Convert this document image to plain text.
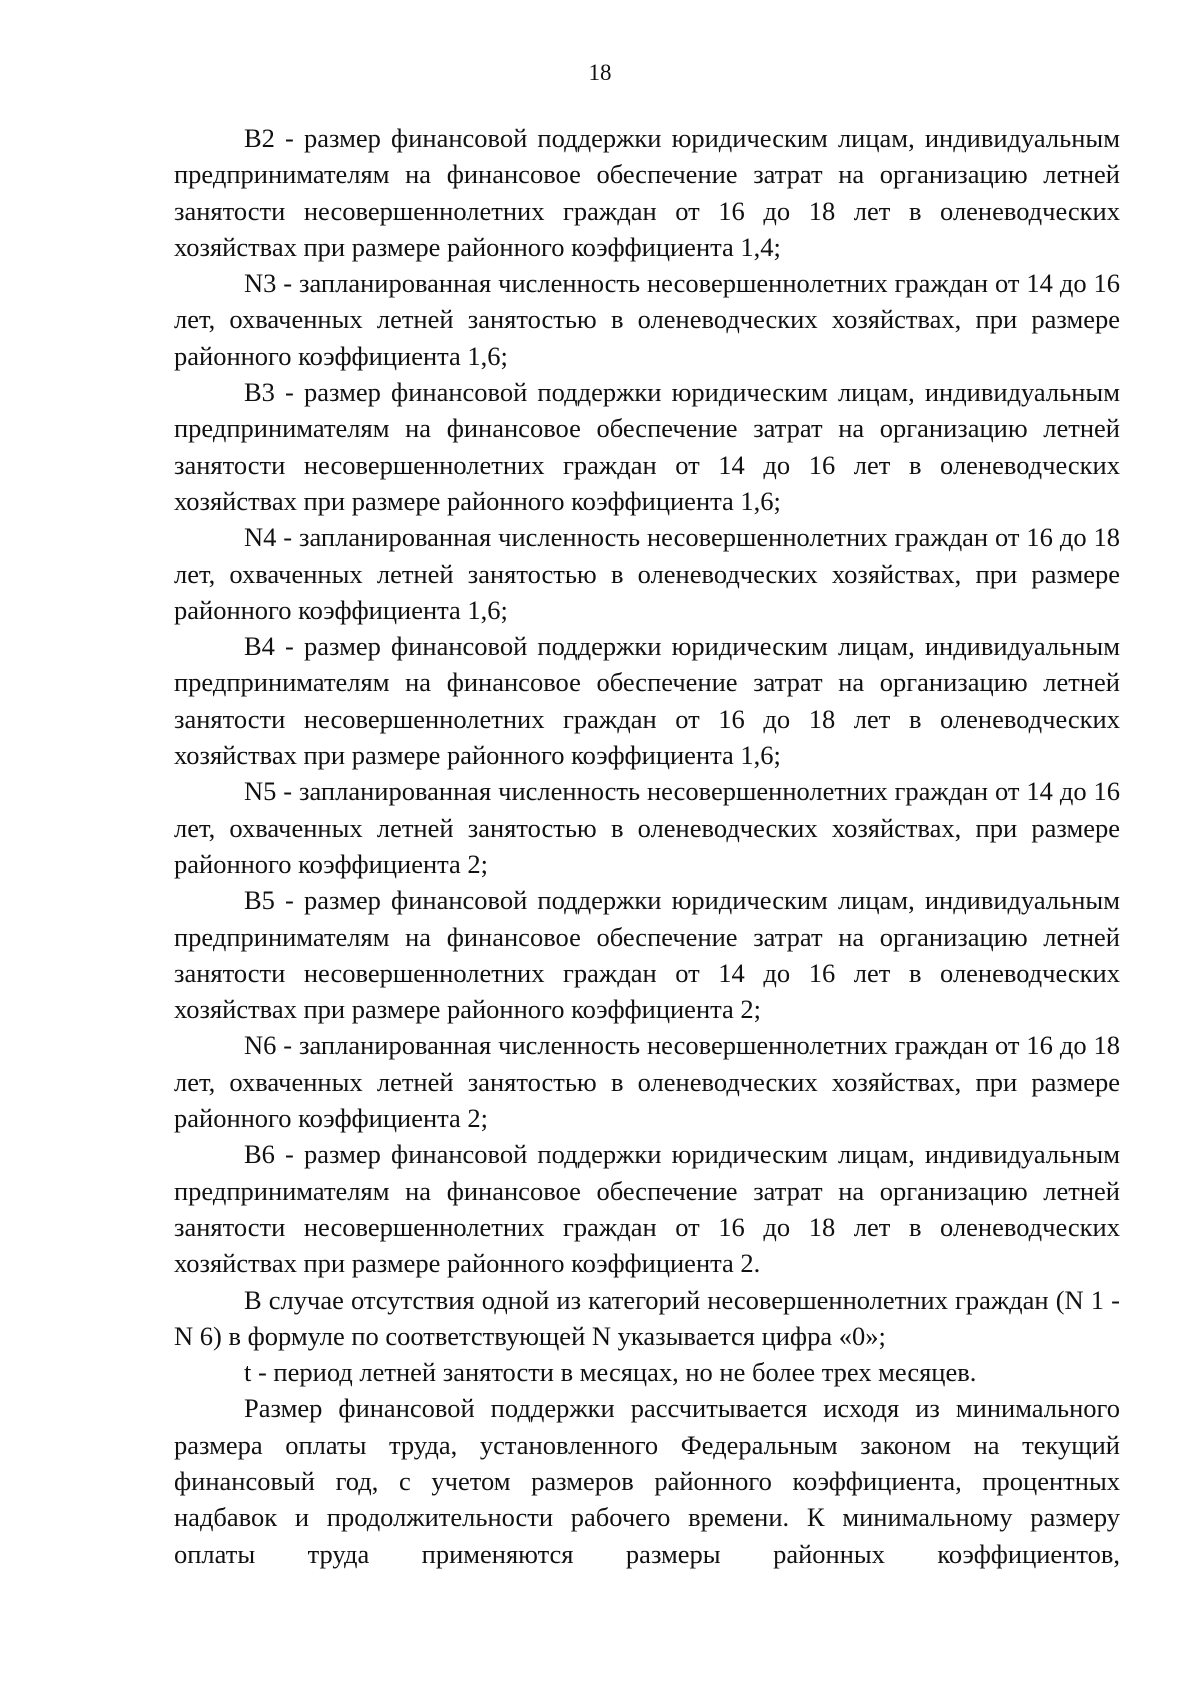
18

В2 - размер финансовой поддержки юридическим лицам, индивидуальным предпринимателям на финансовое обеспечение затрат на организацию летней занятости несовершеннолетних граждан от 16 до 18 лет в оленеводческих хозяйствах при размере районного коэффициента 1,4;

N3 - запланированная численность несовершеннолетних граждан от 14 до 16 лет, охваченных летней занятостью в оленеводческих хозяйствах, при размере районного коэффициента 1,6;

В3 - размер финансовой поддержки юридическим лицам, индивидуальным предпринимателям на финансовое обеспечение затрат на организацию летней занятости несовершеннолетних граждан от 14 до 16 лет в оленеводческих хозяйствах при размере районного коэффициента 1,6;

N4 - запланированная численность несовершеннолетних граждан от 16 до 18 лет, охваченных летней занятостью в оленеводческих хозяйствах, при размере районного коэффициента 1,6;

В4 - размер финансовой поддержки юридическим лицам, индивидуальным предпринимателям на финансовое обеспечение затрат на организацию летней занятости несовершеннолетних граждан от 16 до 18 лет в оленеводческих хозяйствах при размере районного коэффициента 1,6;

N5 - запланированная численность несовершеннолетних граждан от 14 до 16 лет, охваченных летней занятостью в оленеводческих хозяйствах, при размере районного коэффициента 2;

В5 - размер финансовой поддержки юридическим лицам, индивидуальным предпринимателям на финансовое обеспечение затрат на организацию летней занятости несовершеннолетних граждан от 14 до 16 лет в оленеводческих хозяйствах при размере районного коэффициента 2;

N6 - запланированная численность несовершеннолетних граждан от 16 до 18 лет, охваченных летней занятостью в оленеводческих хозяйствах, при размере районного коэффициента 2;

В6 - размер финансовой поддержки юридическим лицам, индивидуальным предпринимателям на финансовое обеспечение затрат на организацию летней занятости несовершеннолетних граждан от 16 до 18 лет в оленеводческих хозяйствах при размере районного коэффициента 2.

В случае отсутствия одной из категорий несовершеннолетних граждан (N 1 - N 6) в формуле по соответствующей N указывается цифра «0»;

t - период летней занятости в месяцах, но не более трех месяцев.

Размер финансовой поддержки рассчитывается исходя из минимального размера оплаты труда, установленного Федеральным законом на текущий финансовый год, с учетом размеров районного коэффициента, процентных надбавок и продолжительности рабочего времени. К минимальному размеру оплаты труда применяются размеры районных коэффициентов,
